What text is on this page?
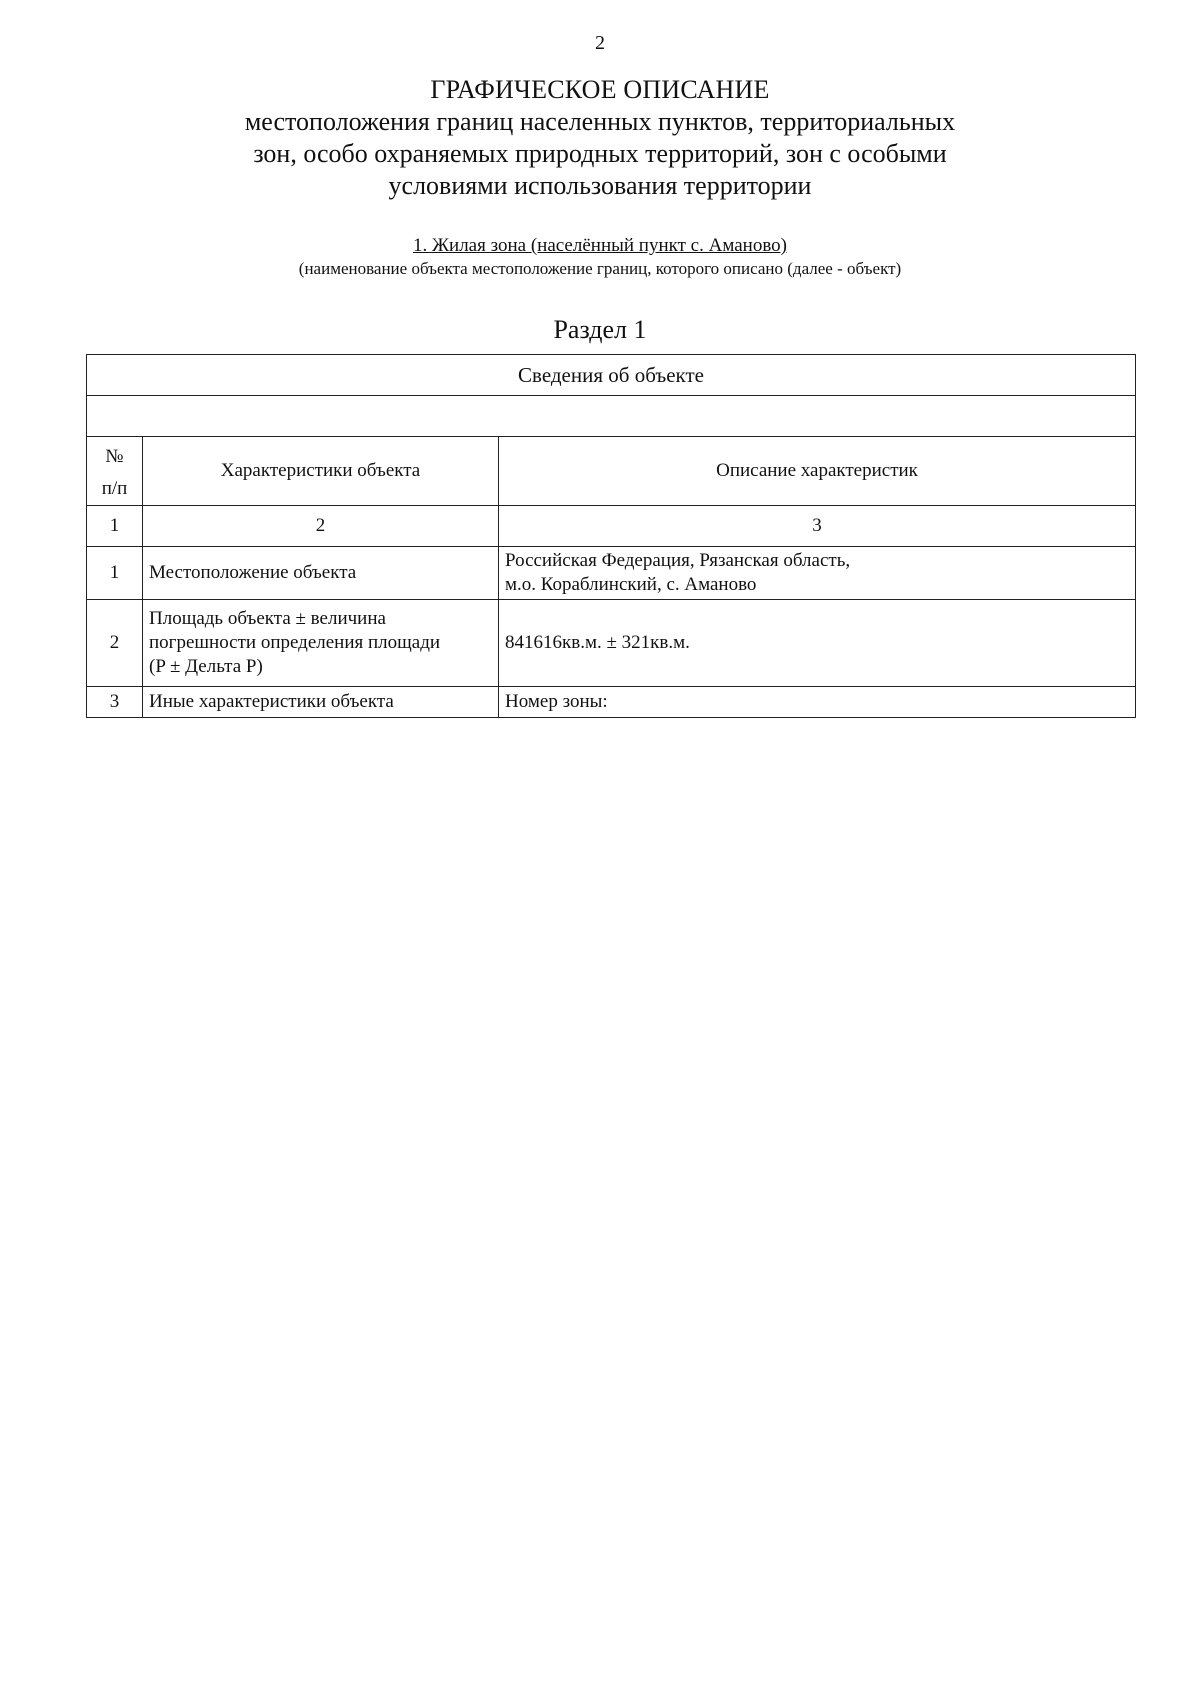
2
ГРАФИЧЕСКОЕ ОПИСАНИЕ
местоположения границ населенных пунктов, территориальных
зон, особо охраняемых природных территорий, зон с особыми
условиями использования территории
1. Жилая зона (населённый пункт с. Аманово)
(наименование объекта местоположение границ, которого описано (далее - объект)
Раздел 1
Сведения об объекте		

№
п/п	Характеристики объекта	Описание характеристик
1	2	3
1	Местоположение объекта	Российская Федерация, Рязанская область,
м.о. Кораблинский, с. Аманово

2	Площадь объекта ± величина
погрешности определения площади
(P ± Дельта P)	841616кв.м. ± 321кв.м.

3	Иные характеристики объекта	Номер зоны:
